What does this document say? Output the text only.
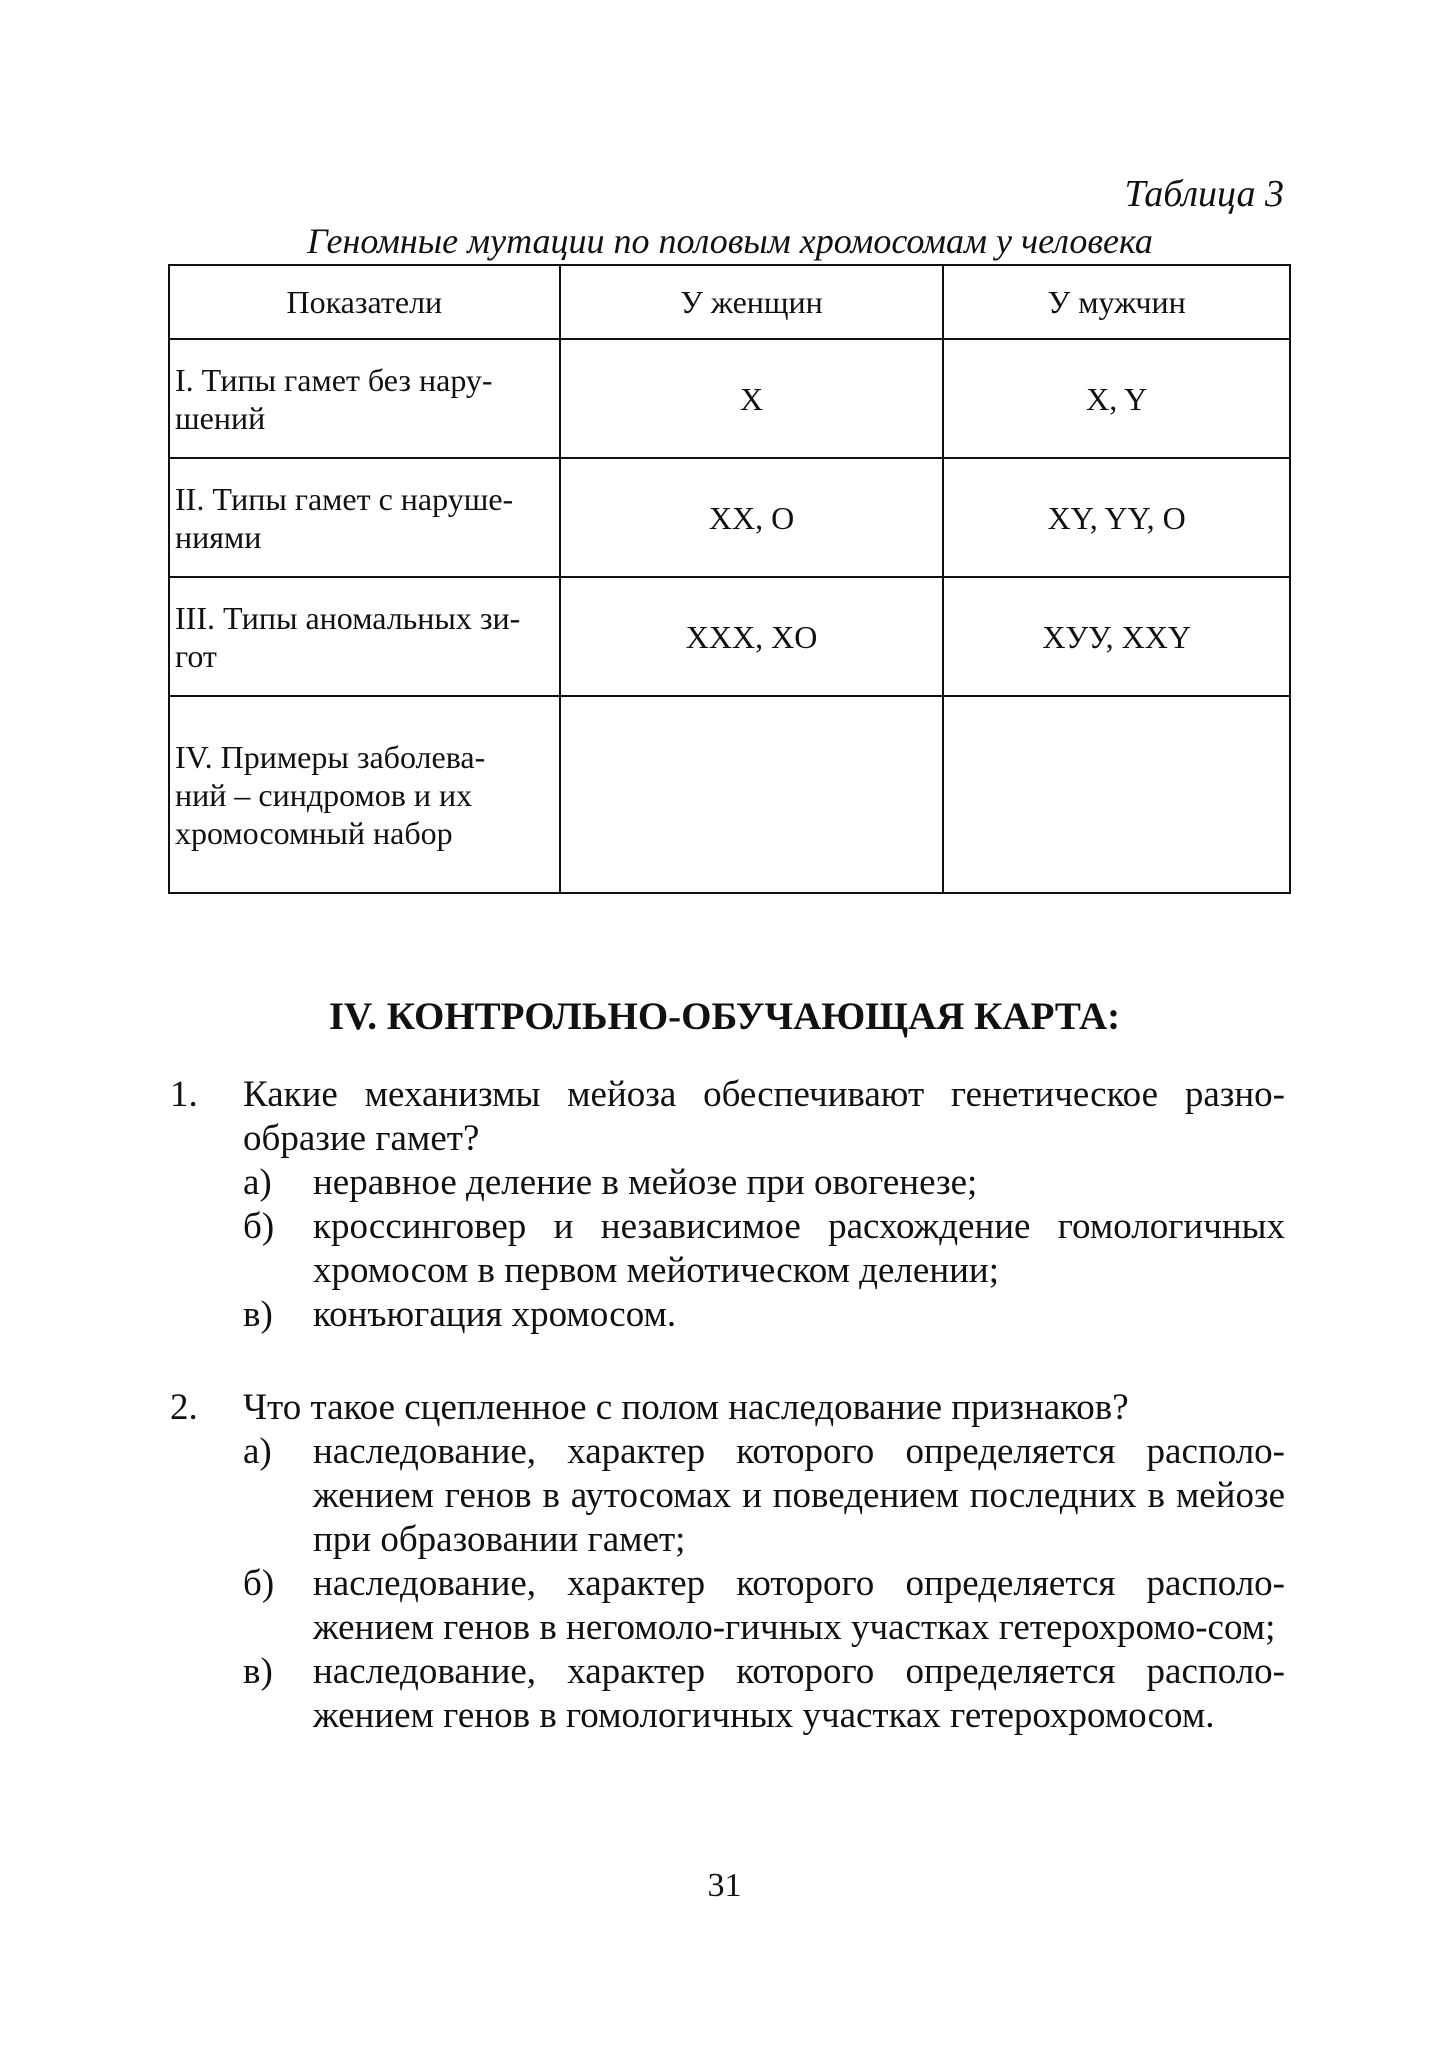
Таблица 3
Геномные мутации по половым хромосомам у человека
Показатели	У женщин	У мужчин
I. Типы гамет без нару-
шений	X	X, Y
II. Типы гамет с наруше-
ниями	XX, O	XY, YY, O
III. Типы аномальных зи-
гот	XXX, XO	XУУ, XXY
IV. Примеры заболева-
ний – синдромов и их
хромосомный набор		
IV. КОНТРОЛЬНО-ОБУЧАЮЩАЯ КАРТА:
1. Какие механизмы мейоза обеспечивают генетическое разно-образие гамет?
а) неравное деление в мейозе при овогенезе;
б) кроссинговер и независимое расхождение гомологичных хромосом в первом мейотическом делении;
в) конъюгация хромосом.
2. Что такое сцепленное с полом наследование признаков?
а) наследование, характер которого определяется располо-жением генов в аутосомах и поведением последних в мейозе при образовании гамет;
б) наследование, характер которого определяется располо-жением генов в негомоло-гичных участках гетерохромо-сом;
в) наследование, характер которого определяется располо-жением генов в гомологичных участках гетерохромосом.
31
